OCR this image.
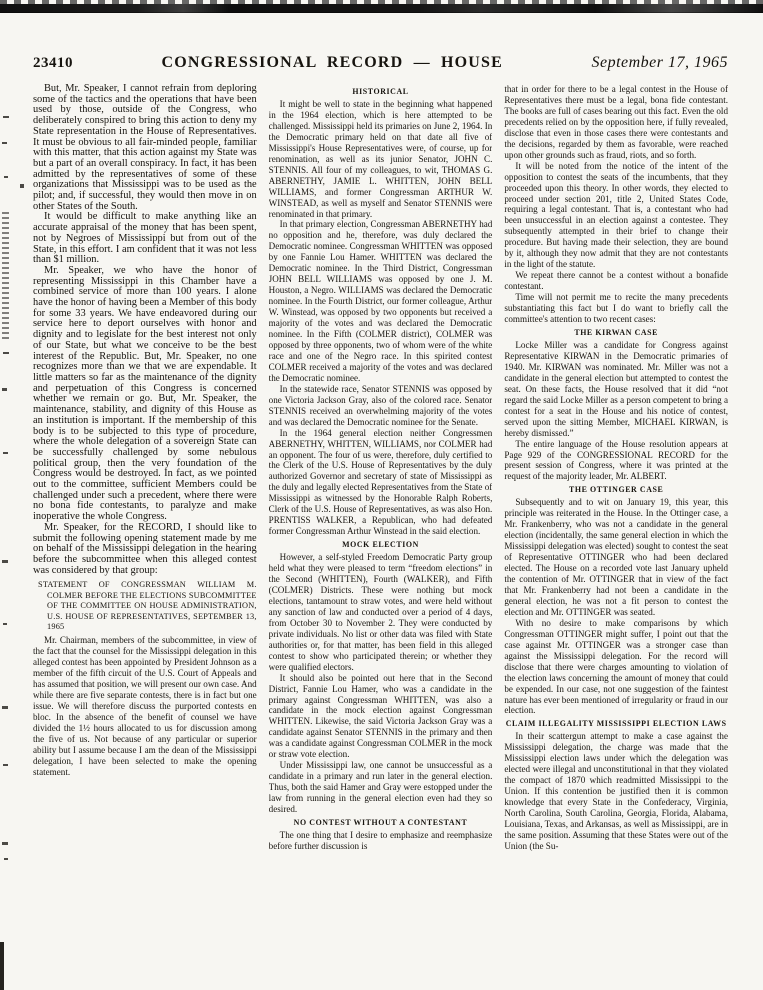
23410	CONGRESSIONAL RECORD — HOUSE	September 17, 1965
But, Mr. Speaker, I cannot refrain from deploring some of the tactics and the operations that have been used by those, outside of the Congress, who deliberately conspired to bring this action to deny my State representation in the House of Representatives. It must be obvious to all fair-minded people, familiar with this matter, that this action against my State was but a part of an overall conspiracy. In fact, it has been admitted by the representatives of some of these organizations that Mississippi was to be used as the pilot; and, if successful, they would then move in on other States of the South.
It would be difficult to make anything like an accurate appraisal of the money that has been spent, not by Negroes of Mississippi but from out of the State, in this effort. I am confident that it was not less than $1 million.
Mr. Speaker, we who have the honor of representing Mississippi in this Chamber have a combined service of more than 100 years. I alone have the honor of having been a Member of this body for some 33 years. We have endeavored during our service here to deport ourselves with honor and dignity and to legislate for the best interest not only of our State, but what we conceive to be the best interest of the Republic. But, Mr. Speaker, no one recognizes more than we that we are expendable. It little matters so far as the maintenance of the dignity and perpetuation of this Congress is concerned whether we remain or go. But, Mr. Speaker, the maintenance, stability, and dignity of this House as an institution is important. If the membership of this body is to be subjected to this type of procedure, where the whole delegation of a sovereign State can be successfully challenged by some nebulous political group, then the very foundation of the Congress would be destroyed. In fact, as we pointed out to the committee, sufficient Members could be challenged under such a precedent, where there were no bona fide contestants, to paralyze and make inoperative the whole Congress.
Mr. Speaker, for the RECORD, I should like to submit the following opening statement made by me on behalf of the Mississippi delegation in the hearing before the subcommittee when this alleged contest was considered by that group:
STATEMENT OF CONGRESSMAN WILLIAM M. COLMER BEFORE THE ELECTIONS SUBCOMMITTEE OF THE COMMITTEE ON HOUSE ADMINISTRATION, U.S. HOUSE OF REPRESENTATIVES, SEPTEMBER 13, 1965
Mr. Chairman, members of the subcommittee, in view of the fact that the counsel for the Mississippi delegation in this alleged contest has been appointed by President Johnson as a member of the fifth circuit of the U.S. Court of Appeals and has assumed that position, we will present our own case. And while there are five separate contests, there is in fact but one issue. We will therefore discuss the purported contests en bloc. In the absence of the benefit of counsel we have divided the 1½ hours allocated to us for discussion among the five of us. Not because of any particular or superior ability but I assume because I am the dean of the Mississippi delegation, I have been selected to make the opening statement.
HISTORICAL
It might be well to state in the beginning what happened in the 1964 election, which is here attempted to be challenged. Mississippi held its primaries on June 2, 1964. In the Democratic primary held on that date all five of Mississippi's House Representatives were, of course, up for renomination, as well as its junior Senator, JOHN C. STENNIS. All four of my colleagues, to wit, THOMAS G. ABERNETHY, JAMIE L. WHITTEN, JOHN BELL WILLIAMS, and former Congressman ARTHUR W. WINSTEAD, as well as myself and Senator STENNIS were renominated in that primary.
In that primary election, Congressman ABERNETHY had no opposition and he, therefore, was duly declared the Democratic nominee. Congressman WHITTEN was opposed by one Fannie Lou Hamer. WHITTEN was declared the Democratic nominee. In the Third District, Congressman JOHN BELL WILLIAMS was opposed by one J. M. Houston, a Negro. WILLIAMS was declared the Democratic nominee. In the Fourth District, our former colleague, Arthur W. Winstead, was opposed by two opponents but received a majority of the votes and was declared the Democratic nominee. In the Fifth (COLMER district), COLMER was opposed by three opponents, two of whom were of the white race and one of the Negro race. In this spirited contest COLMER received a majority of the votes and was declared the Democratic nominee.
In the statewide race, Senator STENNIS was opposed by one Victoria Jackson Gray, also of the colored race. Senator STENNIS received an overwhelming majority of the votes and was declared the Democratic nominee for the Senate.
In the 1964 general election neither Congressmen ABERNETHY, WHITTEN, WILLIAMS, nor COLMER had an opponent. The four of us were, therefore, duly certified to the Clerk of the U.S. House of Representatives by the duly authorized Governor and secretary of state of Mississippi as the duly and legally elected Representatives from the State of Mississippi as witnessed by the Honorable Ralph Roberts, Clerk of the U.S. House of Representatives, as was also Hon. PRENTISS WALKER, a Republican, who had defeated former Congressman Arthur Winstead in the said election.
MOCK ELECTION
However, a self-styled Freedom Democratic Party group held what they were pleased to term “freedom elections” in the Second (WHITTEN), Fourth (WALKER), and Fifth (COLMER) Districts. These were nothing but mock elections, tantamount to straw votes, and were held without any sanction of law and conducted over a period of 4 days, from October 30 to November 2. They were conducted by private individuals. No list or other data was filed with State authorities or, for that matter, has been field in this alleged contest to show who participated therein; or whether they were qualified electors.
It should also be pointed out here that in the Second District, Fannie Lou Hamer, who was a candidate in the primary against Congressman WHITTEN, was also a candidate in the mock election against Congressman WHITTEN. Likewise, the said Victoria Jackson Gray was a candidate against Senator STENNIS in the primary and then was a candidate against Congressman COLMER in the mock or straw vote election.
Under Mississippi law, one cannot be unsuccessful as a candidate in a primary and run later in the general election. Thus, both the said Hamer and Gray were estopped under the law from running in the general election even had they so desired.
NO CONTEST WITHOUT A CONTESTANT
The one thing that I desire to emphasize and reemphasize before further discussion is
that in order for there to be a legal contest in the House of Representatives there must be a legal, bona fide contestant. The books are full of cases bearing out this fact. Even the old precedents relied on by the opposition here, if fully revealed, disclose that even in those cases there were contestants and the decisions, regarded by them as favorable, were reached upon other grounds such as fraud, riots, and so forth.
It will be noted from the notice of the intent of the opposition to contest the seats of the incumbents, that they proceeded upon this theory. In other words, they elected to proceed under section 201, title 2, United States Code, requiring a legal contestant. That is, a contestant who had been unsuccessful in an election against a contestee. They subsequently attempted in their brief to change their procedure. But having made their selection, they are bound by it, although they now admit that they are not contestants in the light of the statute.
We repeat there cannot be a contest without a bonafide contestant.
Time will not permit me to recite the many precedents substantiating this fact but I do want to briefly call the committee's attention to two recent cases:
THE KIRWAN CASE
Locke Miller was a candidate for Congress against Representative KIRWAN in the Democratic primaries of 1940. Mr. KIRWAN was nominated. Mr. Miller was not a candidate in the general election but attempted to contest the seat. On these facts, the House resolved that it did “not regard the said Locke Miller as a person competent to bring a contest for a seat in the House and his notice of contest, served upon the sitting Member, MICHAEL KIRWAN, is hereby dismissed.”
The entire language of the House resolution appears at Page 929 of the CONGRESSIONAL RECORD for the present session of Congress, where it was printed at the request of the majority leader, Mr. ALBERT.
THE OTTINGER CASE
Subsequently and to wit on January 19, this year, this principle was reiterated in the House. In the Ottinger case, a Mr. Frankenberry, who was not a candidate in the general election (incidentally, the same general election in which the Mississippi delegation was elected) sought to contest the seat of Representative OTTINGER who had been declared elected. The House on a recorded vote last January upheld the contention of Mr. OTTINGER that in view of the fact that Mr. Frankenberry had not been a candidate in the general election, he was not a fit person to contest the election and Mr. OTTINGER was seated.
With no desire to make comparisons by which Congressman OTTINGER might suffer, I point out that the case against Mr. OTTINGER was a stronger case than against the Mississippi delegation. For the record will disclose that there were charges amounting to violation of the election laws concerning the amount of money that could be expended. In our case, not one suggestion of the faintest nature has ever been mentioned of irregularity or fraud in our election.
CLAIM ILLEGALITY MISSISSIPPI ELECTION LAWS
In their scattergun attempt to make a case against the Mississippi delegation, the charge was made that the Mississippi election laws under which the delegation was elected were illegal and unconstitutional in that they violated the compact of 1870 which readmitted Mississippi to the Union. If this contention be justified then it is common knowledge that every State in the Confederacy, Virginia, North Carolina, South Carolina, Georgia, Florida, Alabama, Louisiana, Texas, and Arkansas, as well as Mississippi, are in the same position. Assuming that these States were out of the Union (the Su-
